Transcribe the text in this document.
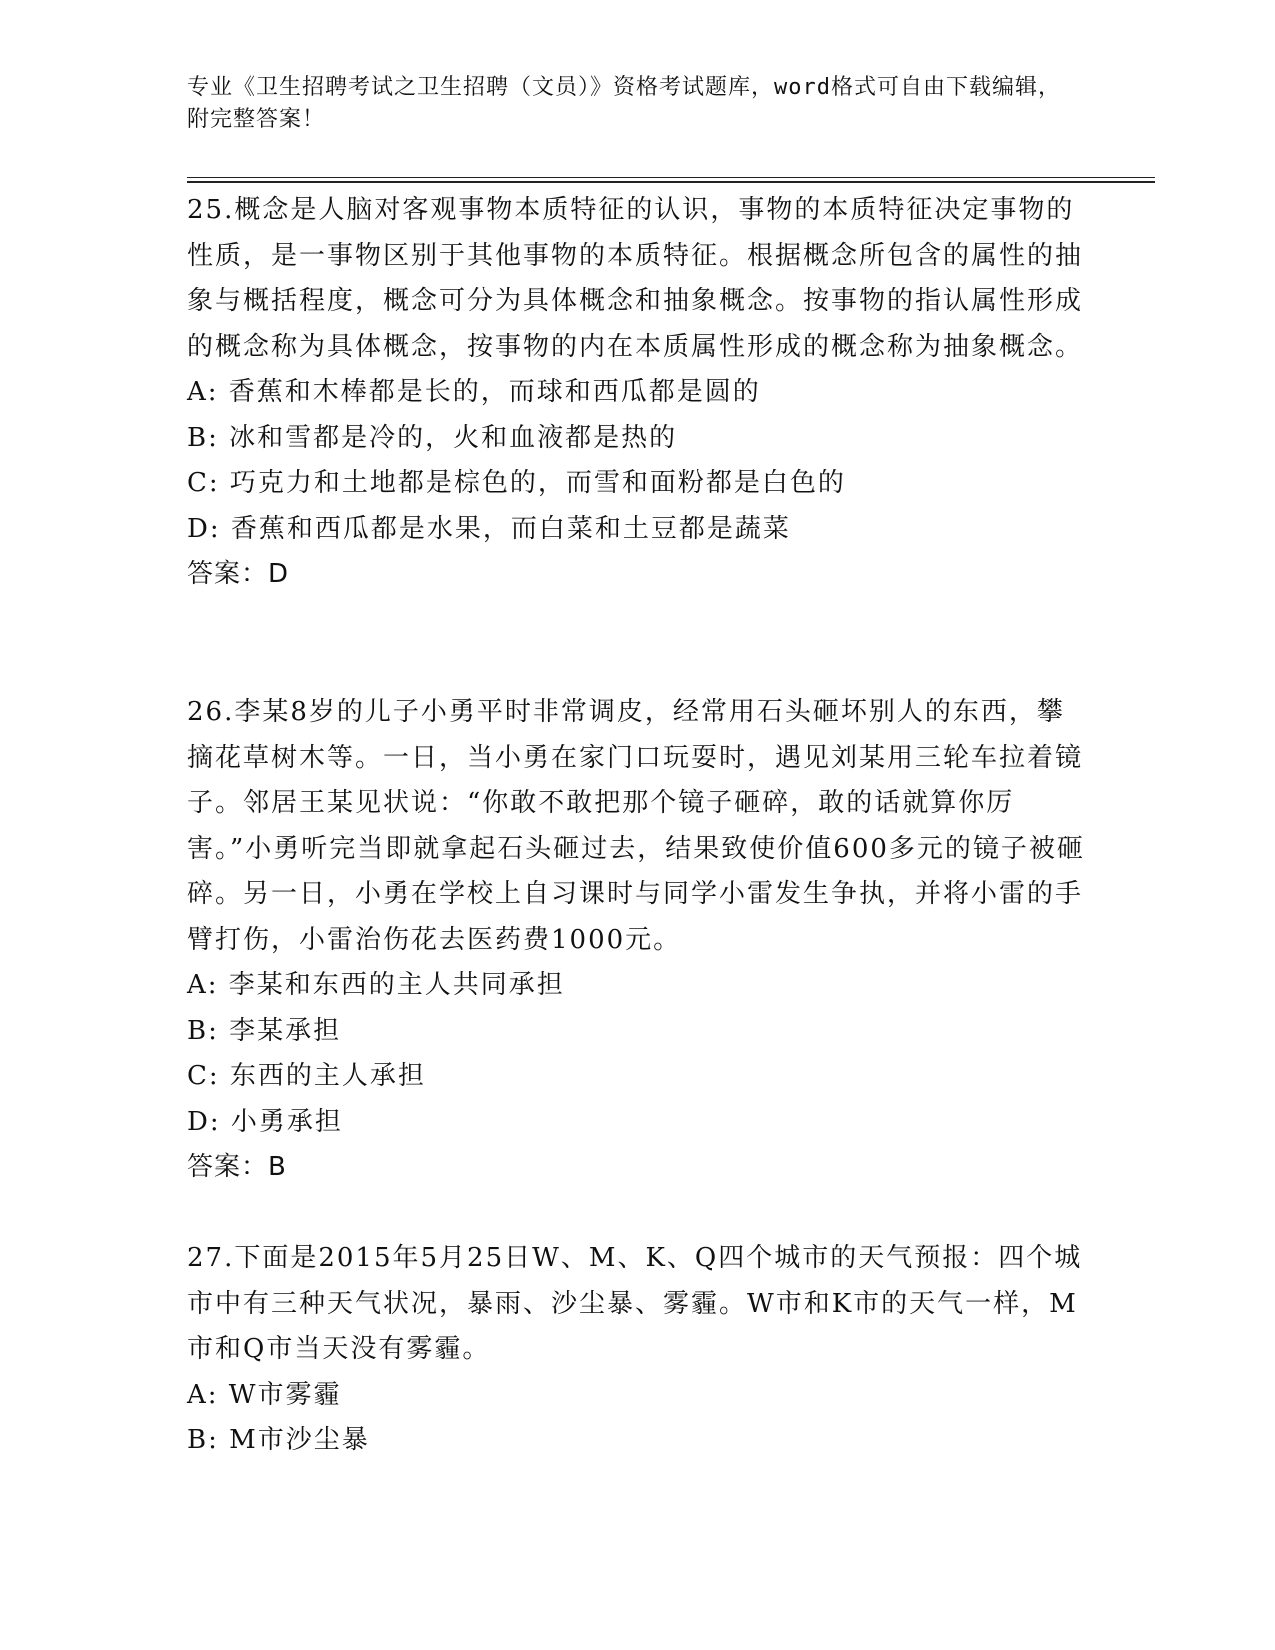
专业《卫生招聘考试之卫生招聘（文员）》资格考试题库，word格式可自由下载编辑，附完整答案！

25.概念是人脑对客观事物本质特征的认识，事物的本质特征决定事物的性质，是一事物区别于其他事物的本质特征。根据概念所包含的属性的抽象与概括程度，概念可分为具体概念和抽象概念。按事物的指认属性形成的概念称为具体概念，按事物的内在本质属性形成的概念称为抽象概念。

A: 香蕉和木棒都是长的，而球和西瓜都是圆的

B: 冰和雪都是冷的，火和血液都是热的

C: 巧克力和土地都是棕色的，而雪和面粉都是白色的

D: 香蕉和西瓜都是水果，而白菜和土豆都是蔬菜

答案：D

26.李某8岁的儿子小勇平时非常调皮，经常用石头砸坏别人的东西，攀摘花草树木等。一日，当小勇在家门口玩耍时，遇见刘某用三轮车拉着镜子。邻居王某见状说：“你敢不敢把那个镜子砸碎，敢的话就算你厉害。”小勇听完当即就拿起石头砸过去，结果致使价值600多元的镜子被砸碎。另一日，小勇在学校上自习课时与同学小雷发生争执，并将小雷的手臂打伤，小雷治伤花去医药费1000元。

A: 李某和东西的主人共同承担

B: 李某承担

C: 东西的主人承担

D: 小勇承担

答案：B

27.下面是2015年5月25日W、M、K、Q四个城市的天气预报：四个城市中有三种天气状况，暴雨、沙尘暴、雾霾。W市和K市的天气一样，M市和Q市当天没有雾霾。

A: W市雾霾

B: M市沙尘暴
